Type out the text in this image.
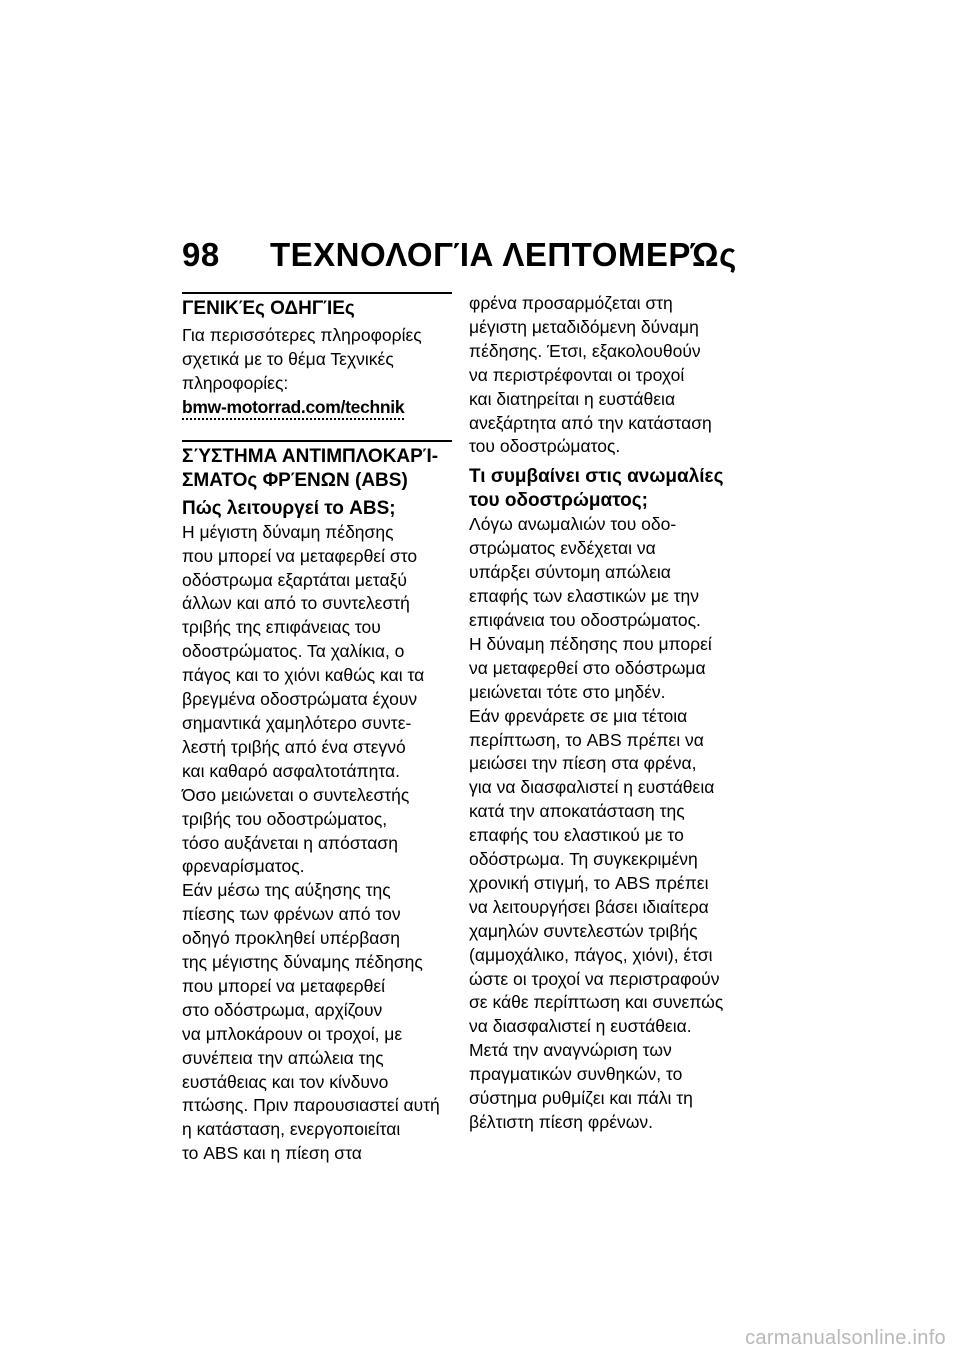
98 ΤΕΧΝΟΛΟΓΊΑ ΛΕΠΤΟΜΕΡΏς
ΓΕΝΙΚΈς ΟΔΗΓΊΕς
Για περισσότερες πληροφορίες
σχετικά με το θέμα Τεχνικές
πληροφορίες:
bmw-motorrad.com/technik
ΣΎΣΤΗΜΑ ΑΝΤΙΜΠΛΟΚΑΡΊ-
ΣΜΑΤΟς ΦΡΈΝΩΝ (ABS)
Πώς λειτουργεί το ABS;
Η μέγιστη δύναμη πέδησης
που μπορεί να μεταφερθεί στο
οδόστρωμα εξαρτάται μεταξύ
άλλων και από το συντελεστή
τριβής της επιφάνειας του
οδοστρώματος. Τα χαλίκια, ο
πάγος και το χιόνι καθώς και τα
βρεγμένα οδοστρώματα έχουν
σημαντικά χαμηλότερο συντε-
λεστή τριβής από ένα στεγνό
και καθαρό ασφαλτοτάπητα.
Όσο μειώνεται ο συντελεστής
τριβής του οδοστρώματος,
τόσο αυξάνεται η απόσταση
φρεναρίσματος.
Εάν μέσω της αύξησης της
πίεσης των φρένων από τον
οδηγό προκληθεί υπέρβαση
της μέγιστης δύναμης πέδησης
που μπορεί να μεταφερθεί
στο οδόστρωμα, αρχίζουν
να μπλοκάρουν οι τροχοί, με
συνέπεια την απώλεια της
ευστάθειας και τον κίνδυνο
πτώσης. Πριν παρουσιαστεί αυτή
η κατάσταση, ενεργοποιείται
το ABS και η πίεση στα
φρένα προσαρμόζεται στη
μέγιστη μεταδιδόμενη δύναμη
πέδησης. Έτσι, εξακολουθούν
να περιστρέφονται οι τροχοί
και διατηρείται η ευστάθεια
ανεξάρτητα από την κατάσταση
του οδοστρώματος.
Τι συμβαίνει στις ανωμαλίες
του οδοστρώματος;
Λόγω ανωμαλιών του οδο-
στρώματος ενδέχεται να
υπάρξει σύντομη απώλεια
επαφής των ελαστικών με την
επιφάνεια του οδοστρώματος.
Η δύναμη πέδησης που μπορεί
να μεταφερθεί στο οδόστρωμα
μειώνεται τότε στο μηδέν.
Εάν φρενάρετε σε μια τέτοια
περίπτωση, το ABS πρέπει να
μειώσει την πίεση στα φρένα,
για να διασφαλιστεί η ευστάθεια
κατά την αποκατάσταση της
επαφής του ελαστικού με το
οδόστρωμα. Τη συγκεκριμένη
χρονική στιγμή, το ABS πρέπει
να λειτουργήσει βάσει ιδιαίτερα
χαμηλών συντελεστών τριβής
(αμμοχάλικο, πάγος, χιόνι), έτσι
ώστε οι τροχοί να περιστραφούν
σε κάθε περίπτωση και συνεπώς
να διασφαλιστεί η ευστάθεια.
Μετά την αναγνώριση των
πραγματικών συνθηκών, το
σύστημα ρυθμίζει και πάλι τη
βέλτιστη πίεση φρένων.
carmanualsonline.info
